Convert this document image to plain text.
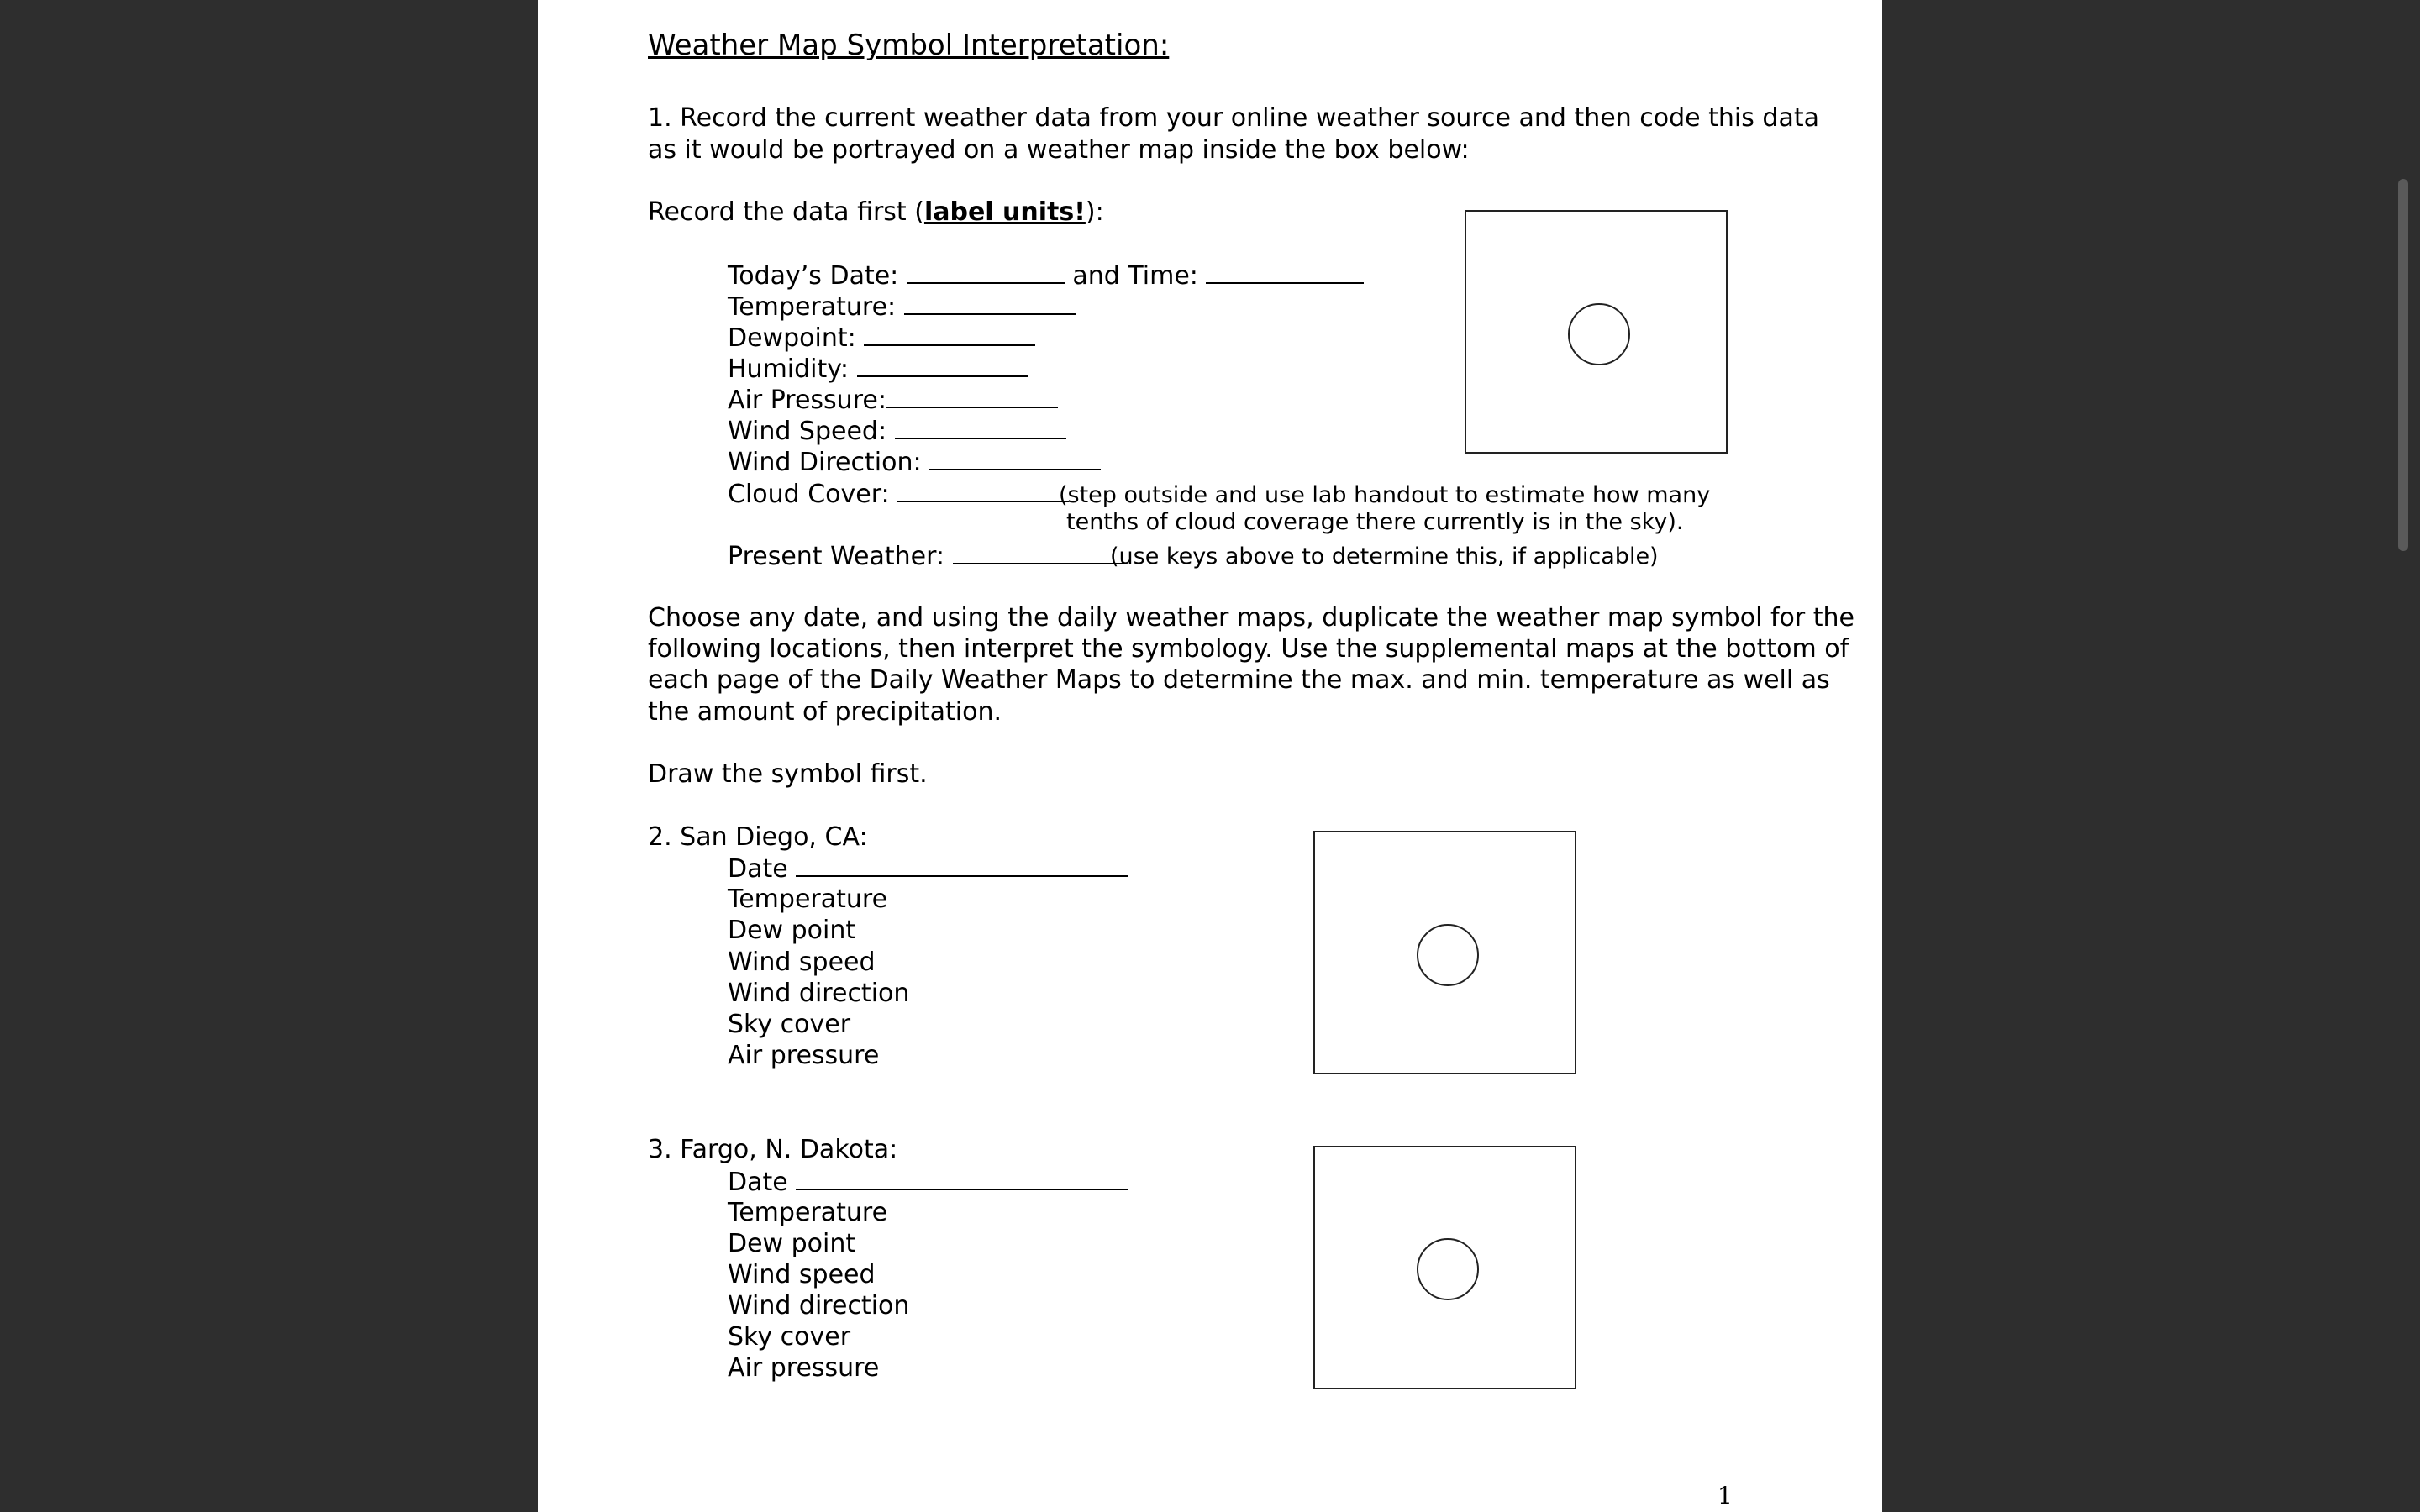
Weather Map Symbol Interpretation:
1. Record the current weather data from your online weather source and then code this data
as it would be portrayed on a weather map inside the box below:
Record the data first (label units!):
Today’s Date:	and Time:
Temperature:
Dewpoint:
Humidity:
Air Pressure:
Wind Speed:
Wind Direction:
Cloud Cover:	(step outside and use lab handout to estimate how many
tenths of cloud coverage there currently is in the sky).
Present Weather:	(use keys above to determine this, if applicable)
Choose any date, and using the daily weather maps, duplicate the weather map symbol for the
following locations, then interpret the symbology. Use the supplemental maps at the bottom of
each page of the Daily Weather Maps to determine the max. and min. temperature as well as
the amount of precipitation.
Draw the symbol first.
2. San Diego, CA:
Date
Temperature
Dew point
Wind speed
Wind direction
Sky cover
Air pressure
3. Fargo, N. Dakota:
Date
Temperature
Dew point
Wind speed
Wind direction
Sky cover
Air pressure
1
